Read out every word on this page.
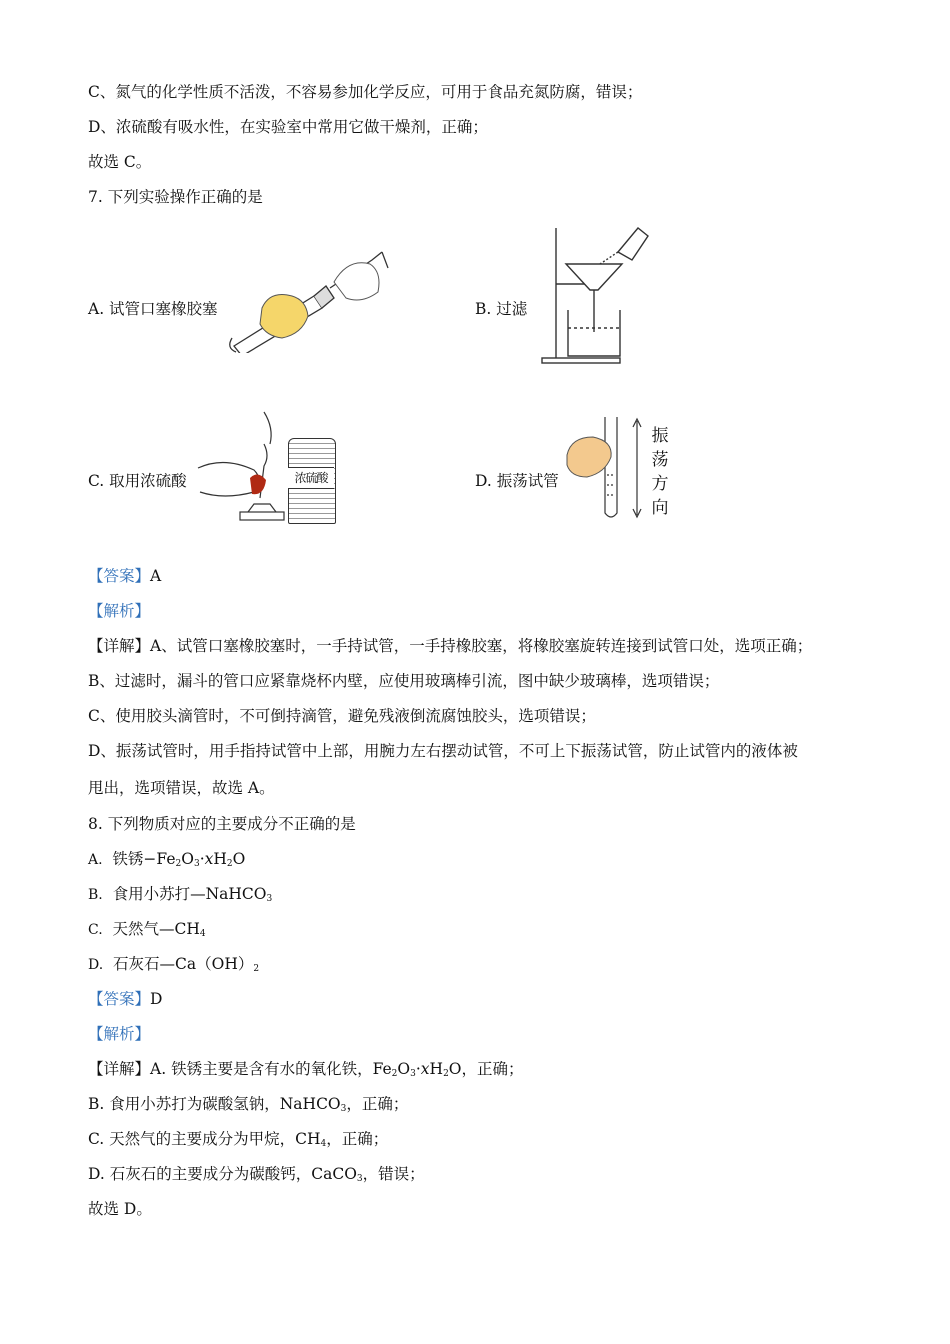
C、氮气的化学性质不活泼，不容易参加化学反应，可用于食品充氮防腐，错误；
D、浓硫酸有吸水性，在实验室中常用它做干燥剂，正确；
故选 C。
7. 下列实验操作正确的是
A. 试管口塞橡胶塞	B. 过滤
C. 取用浓硫酸	浓硫酸	D. 振荡试管
振荡方向
【答案】A
【解析】
【详解】A、试管口塞橡胶塞时，一手持试管，一手持橡胶塞，将橡胶塞旋转连接到试管口处，选项正确；
B、过滤时，漏斗的管口应紧靠烧杯内壁，应使用玻璃棒引流，图中缺少玻璃棒，选项错误；
C、使用胶头滴管时，不可倒持滴管，避免残液倒流腐蚀胶头，选项错误；
D、振荡试管时，用手指持试管中上部，用腕力左右摆动试管，不可上下振荡试管，防止试管内的液体被
甩出，选项错误，故选 A。
8. 下列物质对应的主要成分不正确的是
A. 铁锈$-Fe_2O_3\cdot xH_2O$
B. 食用小苏打—NaHCO$_3$
C. 天然气$—CH_4$
D. 石灰石$—Ca(OH)_2$
【答案】D
【解析】
【详解】A. 铁锈主要是含有水的氧化铁，$Fe_2O_3\cdot xH_2O$，正确；
B. 食用小苏打为碳酸氢钠，NaHCO$_3$，正确；
C. 天然气的主要成分为甲烷，$CH_4$，正确；
D. 石灰石的主要成分为碳酸钙，CaCO$_3$，错误；
故选 D。
